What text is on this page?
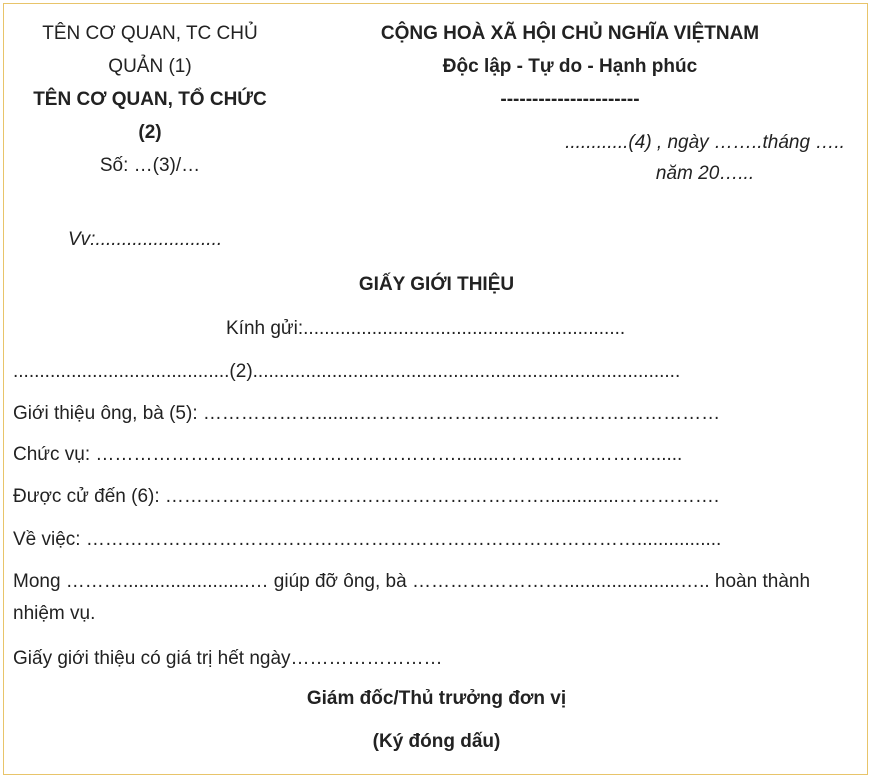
TÊN CƠ QUAN, TC CHỦ
QUẢN (1)
TÊN CƠ QUAN, TỔ CHỨC
(2)
Số: …(3)/…
CỘNG HOÀ XÃ HỘI CHỦ NGHĨA VIỆTNAM
Độc lập - Tự do - Hạnh phúc
----------------------
............(4) , ngày ……..tháng …..
năm 20…...
Vv:........................
GIẤY GIỚI THIỆU
Kính gửi:.............................................................
.........................................(2).................................................................................
Giới thiệu ông, bà (5): ………………........…………………………………………………
Chức vụ: …………………………………………………........……………………......
Được cử đến (6): ……………………………………………………..............…………….
Về việc: ……………………………………………………………………………................
Mong ………........................… giúp đỡ ông, bà ……………………......................….. hoàn thành
nhiệm vụ.
Giấy giới thiệu có giá trị hết ngày……………………
Giám đốc/Thủ trưởng đơn vị
(Ký đóng dấu)
